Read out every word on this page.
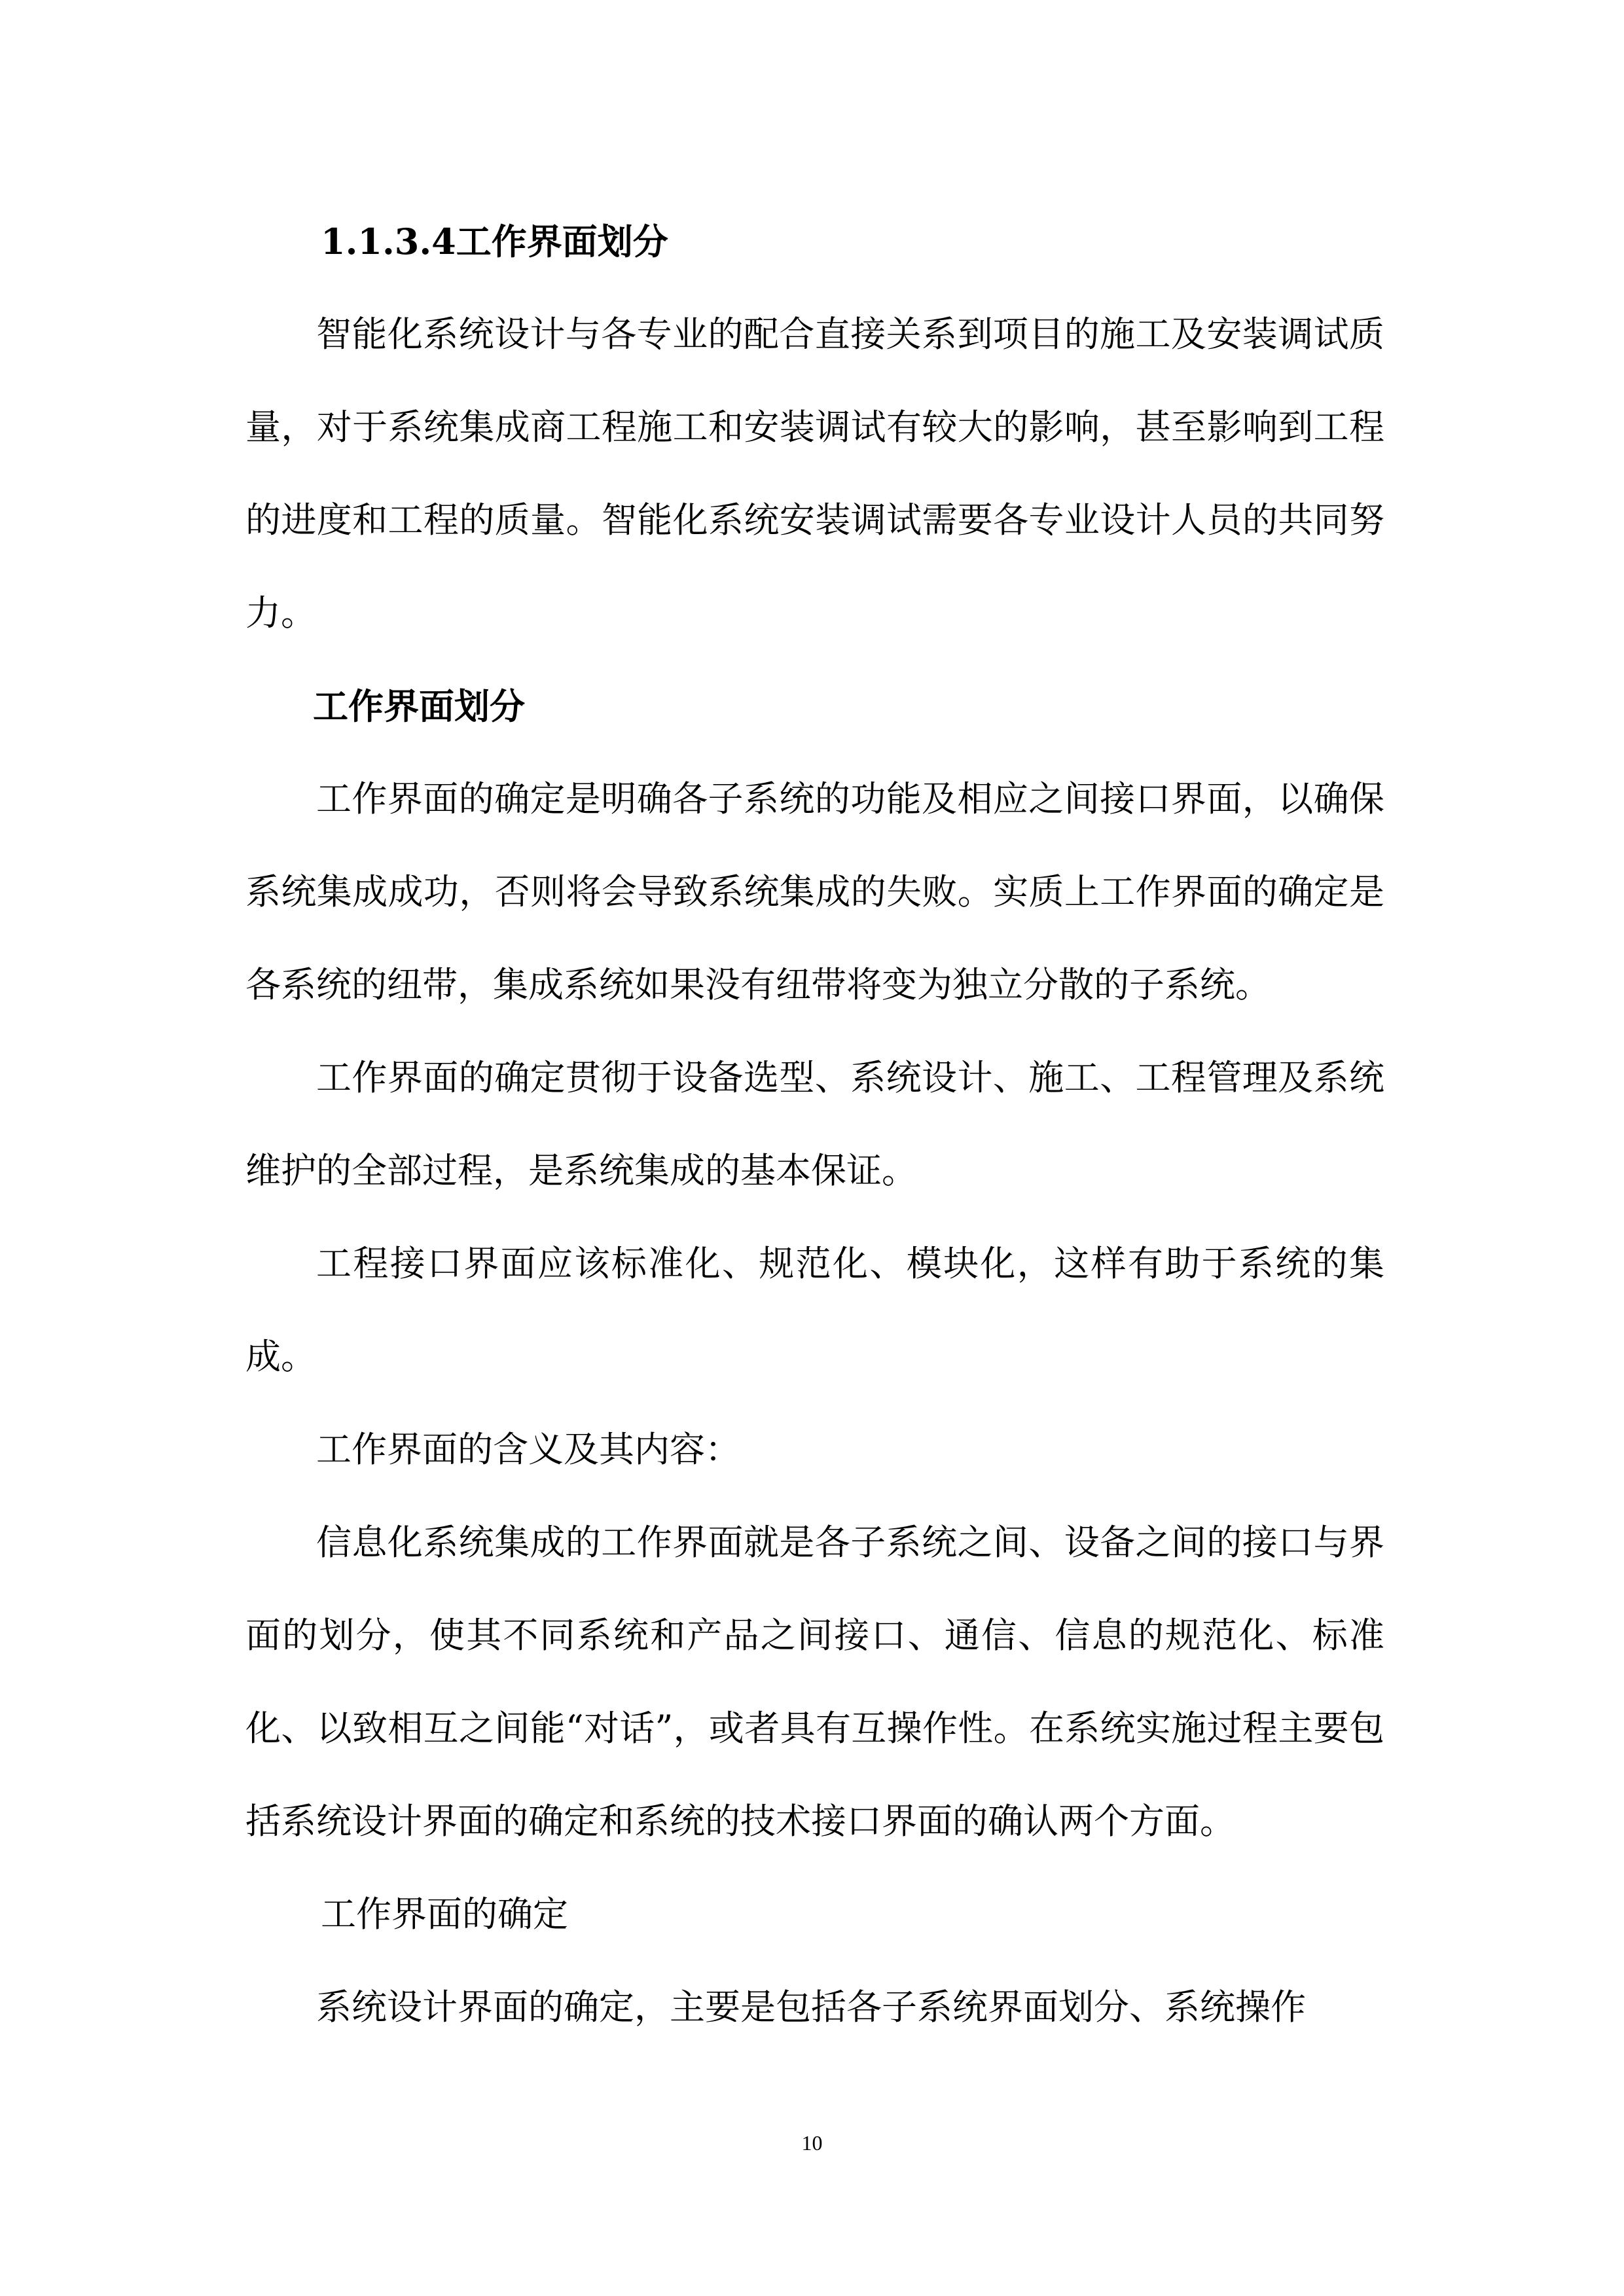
1.1.3.4工作界面划分

智能化系统设计与各专业的配合直接关系到项目的施工及安装调试质量，对于系统集成商工程施工和安装调试有较大的影响，甚至影响到工程的进度和工程的质量。智能化系统安装调试需要各专业设计人员的共同努力。

工作界面划分

工作界面的确定是明确各子系统的功能及相应之间接口界面，以确保系统集成成功，否则将会导致系统集成的失败。实质上工作界面的确定是各系统的纽带，集成系统如果没有纽带将变为独立分散的子系统。

工作界面的确定贯彻于设备选型、系统设计、施工、工程管理及系统维护的全部过程，是系统集成的基本保证。

工程接口界面应该标准化、规范化、模块化，这样有助于系统的集成。

工作界面的含义及其内容：

信息化系统集成的工作界面就是各子系统之间、设备之间的接口与界面的划分，使其不同系统和产品之间接口、通信、信息的规范化、标准化、以致相互之间能“对话”，或者具有互操作性。在系统实施过程主要包括系统设计界面的确定和系统的技术接口界面的确认两个方面。

工作界面的确定

系统设计界面的确定，主要是包括各子系统界面划分、系统操作

10
